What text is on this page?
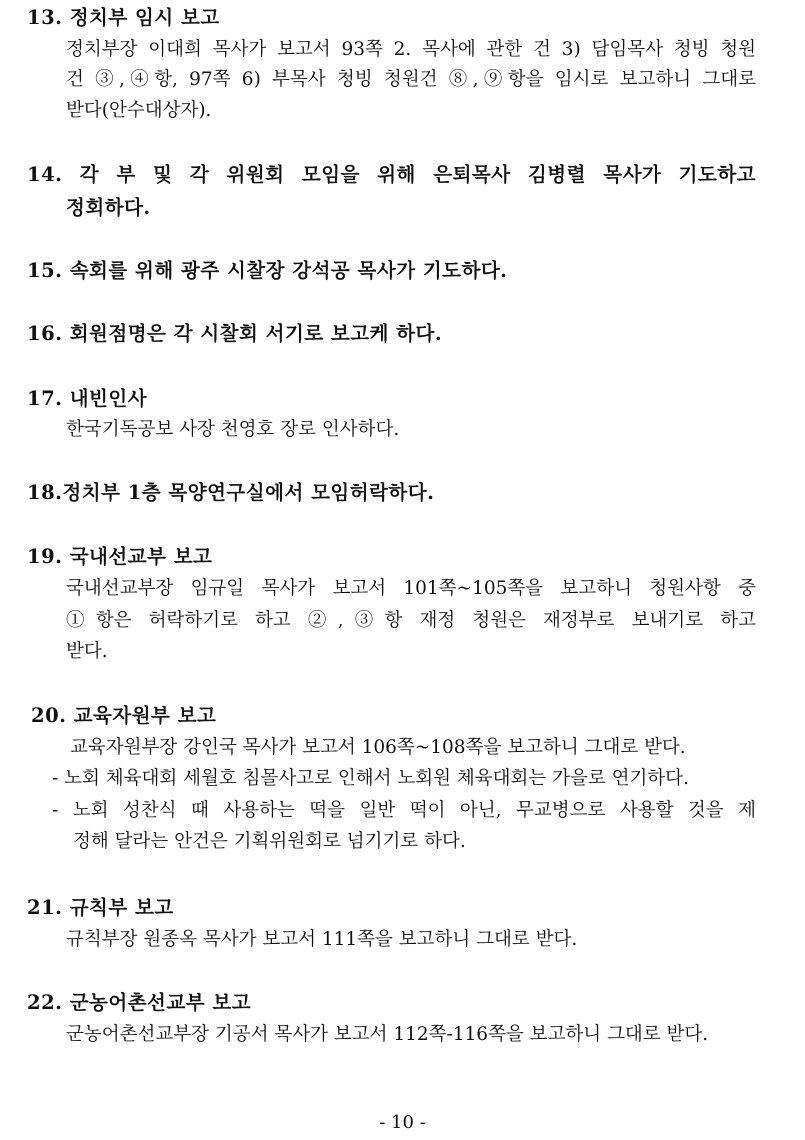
13. 정치부 임시 보고
정치부장 이대희 목사가 보고서 93쪽 2. 목사에 관한 건 3) 담임목사 청빙 청원
건 ③,④항, 97쪽 6) 부목사 청빙 청원건 ⑧,⑨항을 임시로 보고하니 그대로
받다(안수대상자).
14. 각 부 및 각 위원회 모임을 위해 은퇴목사 김병렬 목사가 기도하고
정회하다.
15. 속회를 위해 광주 시찰장 강석공 목사가 기도하다.
16. 회원점명은 각 시찰회 서기로 보고케 하다.
17. 내빈인사
한국기독공보 사장 천영호 장로 인사하다.
18.정치부 1층 목양연구실에서 모임허락하다.
19. 국내선교부 보고
국내선교부장 임규일 목사가 보고서 101쪽~105쪽을 보고하니 청원사항 중
①항은 허락하기로 하고 ②,③항 재정 청원은 재정부로 보내기로 하고
받다.
20. 교육자원부 보고
교육자원부장 강인국 목사가 보고서 106쪽~108쪽을 보고하니 그대로 받다.
- 노회 체육대회 세월호 침몰사고로 인해서 노회원 체육대회는 가을로 연기하다.
- 노회 성찬식 때 사용하는 떡을 일반 떡이 아닌, 무교병으로 사용할 것을 제
정해 달라는 안건은 기획위원회로 넘기기로 하다.
21. 규칙부 보고
규칙부장 원종옥 목사가 보고서 111쪽을 보고하니 그대로 받다.
22. 군농어촌선교부 보고
군농어촌선교부장 기공서 목사가 보고서 112쪽-116쪽을 보고하니 그대로 받다.
- 10 -
